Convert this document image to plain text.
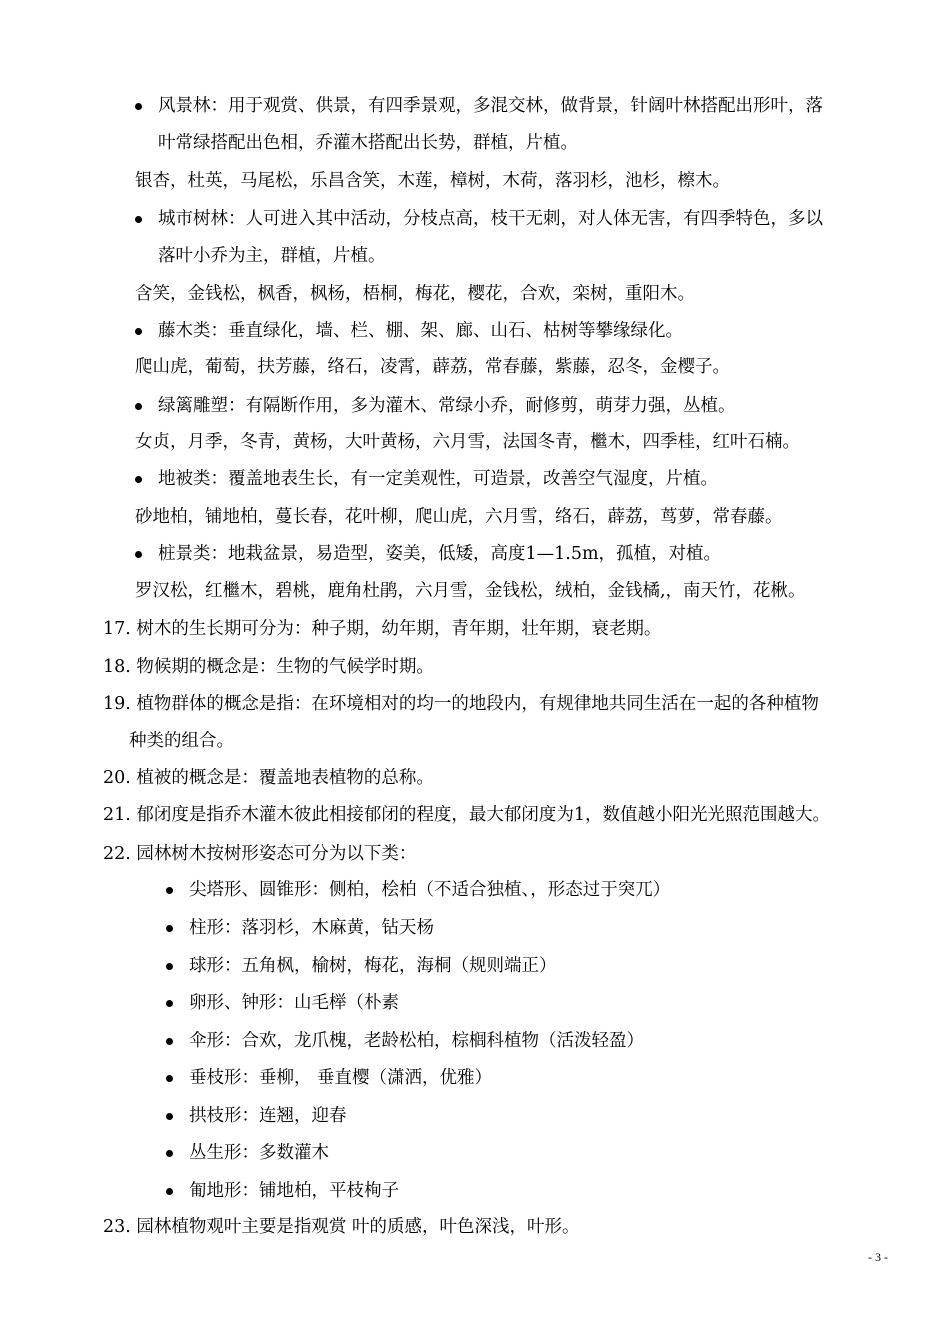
风景林：用于观赏、供景，有四季景观，多混交林，做背景，针阔叶林搭配出形叶，落
叶常绿搭配出色相，乔灌木搭配出长势，群植，片植。
银杏，杜英，马尾松，乐昌含笑，木莲，樟树，木荷，落羽杉，池杉，檫木。
城市树林：人可进入其中活动，分枝点高，枝干无刺，对人体无害，有四季特色，多以
落叶小乔为主，群植，片植。
含笑，金钱松，枫香，枫杨，梧桐，梅花，樱花，合欢，栾树，重阳木。
藤木类：垂直绿化，墙、栏、棚、架、廊、山石、枯树等攀缘绿化。
爬山虎，葡萄，扶芳藤，络石，凌霄，薜荔，常春藤，紫藤，忍冬，金樱子。
绿篱雕塑：有隔断作用，多为灌木、常绿小乔，耐修剪，萌芽力强，丛植。
女贞，月季，冬青，黄杨，大叶黄杨，六月雪，法国冬青，檵木，四季桂，红叶石楠。
地被类：覆盖地表生长，有一定美观性，可造景，改善空气湿度，片植。
砂地柏，铺地柏，蔓长春，花叶柳，爬山虎，六月雪，络石，薜荔，茑萝，常春藤。
桩景类：地栽盆景，易造型，姿美，低矮，高度1—1.5m，孤植，对植。
罗汉松，红檵木，碧桃，鹿角杜鹃，六月雪，金钱松，绒柏，金钱橘,，南天竹，花楸。
17. 树木的生长期可分为：种子期，幼年期，青年期，壮年期，衰老期。
18. 物候期的概念是：生物的气候学时期。
19. 植物群体的概念是指：在环境相对的均一的地段内，有规律地共同生活在一起的各种植物
种类的组合。
20. 植被的概念是：覆盖地表植物的总称。
21. 郁闭度是指乔木灌木彼此相接郁闭的程度，最大郁闭度为1，数值越小阳光光照范围越大。
22. 园林树木按树形姿态可分为以下类：
尖塔形、圆锥形：侧柏，桧柏（不适合独植、，形态过于突兀）
柱形：落羽杉，木麻黄，钻天杨
球形：五角枫，榆树，梅花，海桐（规则端正）
卵形、钟形：山毛榉（朴素
伞形：合欢，龙爪槐，老龄松柏，棕榈科植物（活泼轻盈）
垂枝形：垂柳， 垂直樱（潇洒，优雅）
拱枝形：连翘，迎春
丛生形：多数灌木
匍地形：铺地柏，平枝栒子
23. 园林植物观叶主要是指观赏 叶的质感，叶色深浅，叶形。
- 3 -
